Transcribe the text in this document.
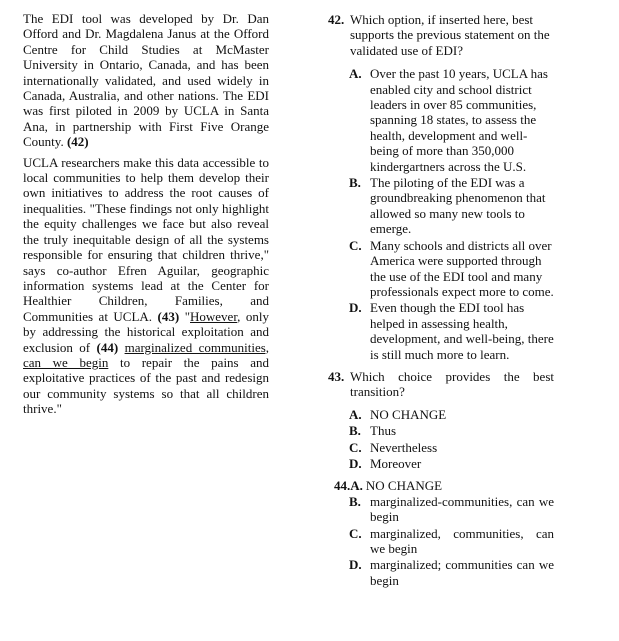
The EDI tool was developed by Dr. Dan Offord and Dr. Magdalena Janus at the Offord Centre for Child Studies at McMaster University in Ontario, Canada, and has been internationally validated, and used widely in Canada, Australia, and other nations. The EDI was first piloted in 2009 by UCLA in Santa Ana, in partnership with First Five Orange County. (42)

UCLA researchers make this data accessible to local communities to help them develop their own initiatives to address the root causes of inequalities. "These findings not only highlight the equity challenges we face but also reveal the truly inequitable design of all the systems responsible for ensuring that children thrive," says co-author Efren Aguilar, geographic information systems lead at the Center for Healthier Children, Families, and Communities at UCLA. (43) "However, only by addressing the historical exploitation and exclusion of (44) marginalized communities, can we begin to repair the pains and exploitative practices of the past and redesign our community systems so that all children thrive."

42. Which option, if inserted here, best supports the previous statement on the validated use of EDI?
A. Over the past 10 years, UCLA has enabled city and school district leaders in over 85 communities, spanning 18 states, to assess the health, development and well-being of more than 350,000 kindergartners across the U.S.
B. The piloting of the EDI was a groundbreaking phenomenon that allowed so many new tools to emerge.
C. Many schools and districts all over America were supported through the use of the EDI tool and many professionals expect more to come.
D. Even though the EDI tool has helped in assessing health, development, and well-being, there is still much more to learn.
43. Which choice provides the best transition?
A. NO CHANGE
B. Thus
C. Nevertheless
D. Moreover
44. A. NO CHANGE
B. marginalized-communities, can we begin
C. marginalized, communities, can we begin
D. marginalized; communities can we begin
